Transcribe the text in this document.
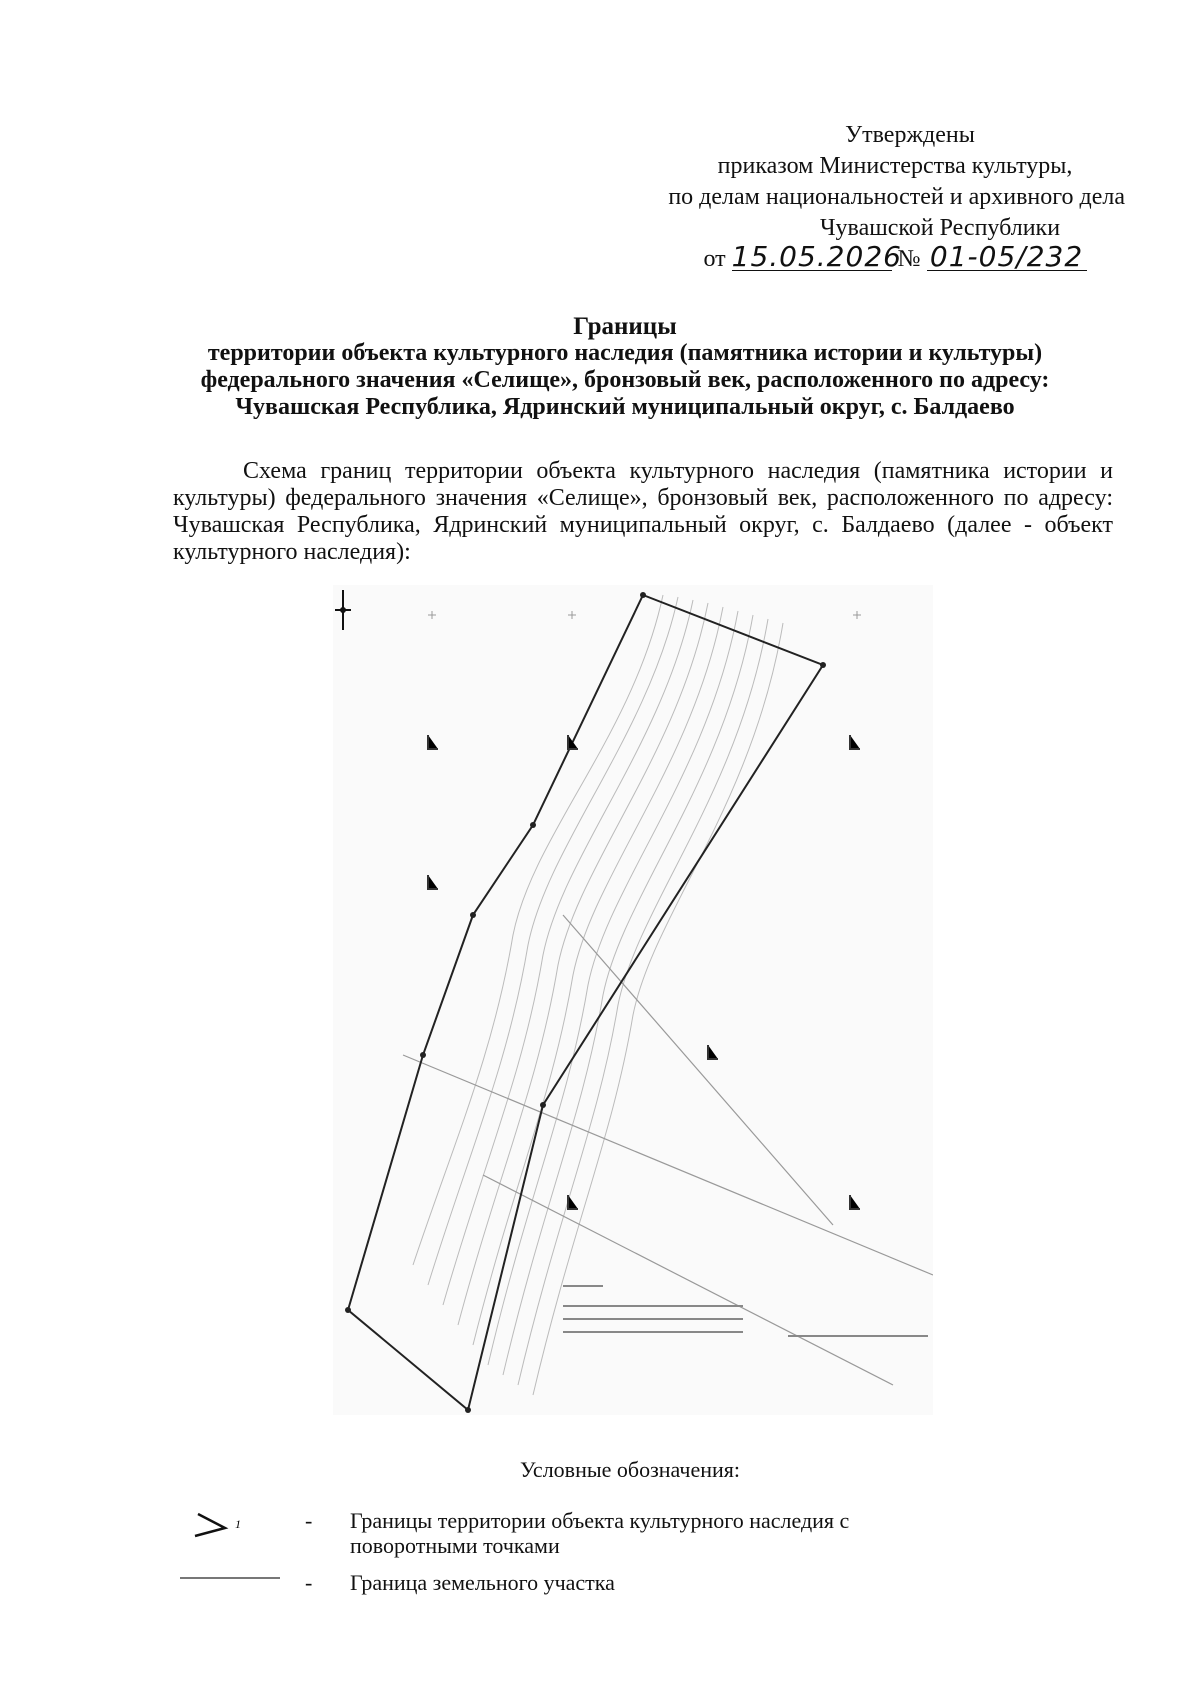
Утверждены
приказом Министерства культуры,
по делам национальностей и архивного дела
Чувашской Республики
от 15.05.2026 № 01-05/232
Границы
территории объекта культурного наследия (памятника истории и культуры)
федерального значения «Селище», бронзовый век, расположенного по адресу:
Чувашская Республика, Ядринский муниципальный округ, с. Балдаево

Схема границ территории объекта культурного наследия (памятника истории и культуры) федерального значения «Селище», бронзовый век, расположенного по адресу: Чувашская Республика, Ядринский муниципальный округ, с. Балдаево (далее - объект культурного наследия):

Условные обозначения:
1	- Границы территории объекта культурного наследия с поворотными точками
- Граница земельного участка
